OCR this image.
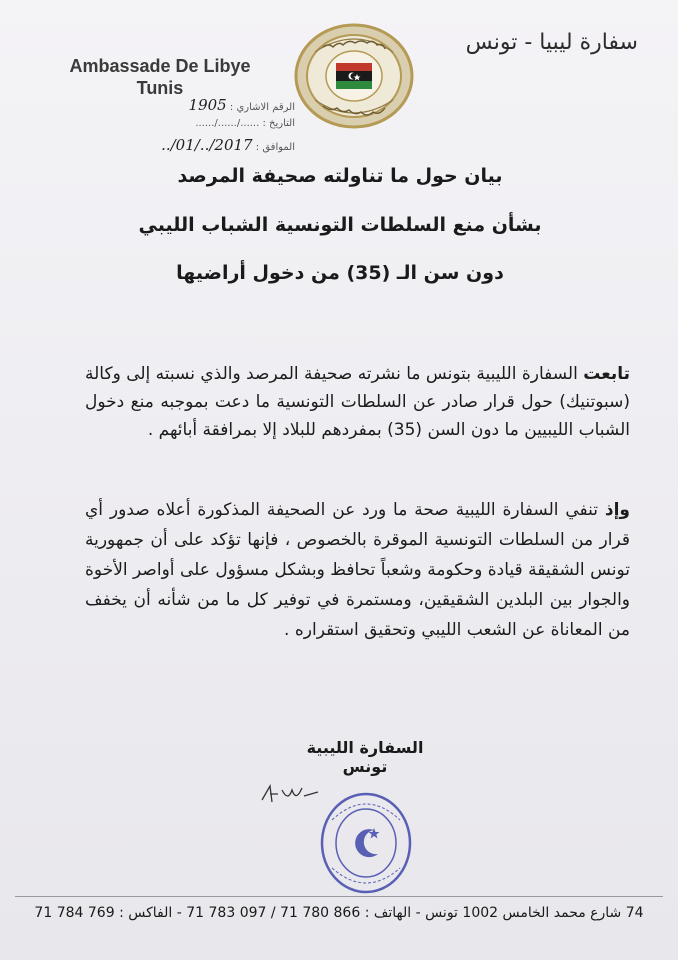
Ambassade De Libye
Tunis
سفارة ليبيا - تونس
الرقم الاشاري : 1905
التاريخ : ....../....../......
الموافق : 2017/../01/..
بيان حول ما تناولته صحيفة المرصد
بشأن منع السلطات التونسية الشباب الليبي
دون سن الـ (35) من دخول أراضيها
تابعت السفارة الليبية بتونس ما نشرته صحيفة المرصد والذي نسبته إلى وكالة (سبوتنيك) حول قرار صادر عن السلطات التونسية ما دعت بموجبه منع دخول الشباب الليبيين ما دون السن (35) بمفردهم للبلاد إلا بمرافقة أبائهم .
وإذ تنفي السفارة الليبية صحة ما ورد عن الصحيفة المذكورة أعلاه صدور أي قرار من السلطات التونسية الموقرة بالخصوص ، فإنها تؤكد على أن جمهورية تونس الشقيقة قيادة وحكومة وشعباً تحافظ وبشكل مسؤول على أواصر الأخوة والجوار بين البلدين الشقيقين، ومستمرة في توفير كل ما من شأنه أن يخفف من المعاناة عن الشعب الليبي وتحقيق استقراره .
السفارة الليبية تونس
74 شارع محمد الخامس 1002 تونس - الهاتف : 866 780 71 / 097 783 71 - الفاكس : 769 784 71
